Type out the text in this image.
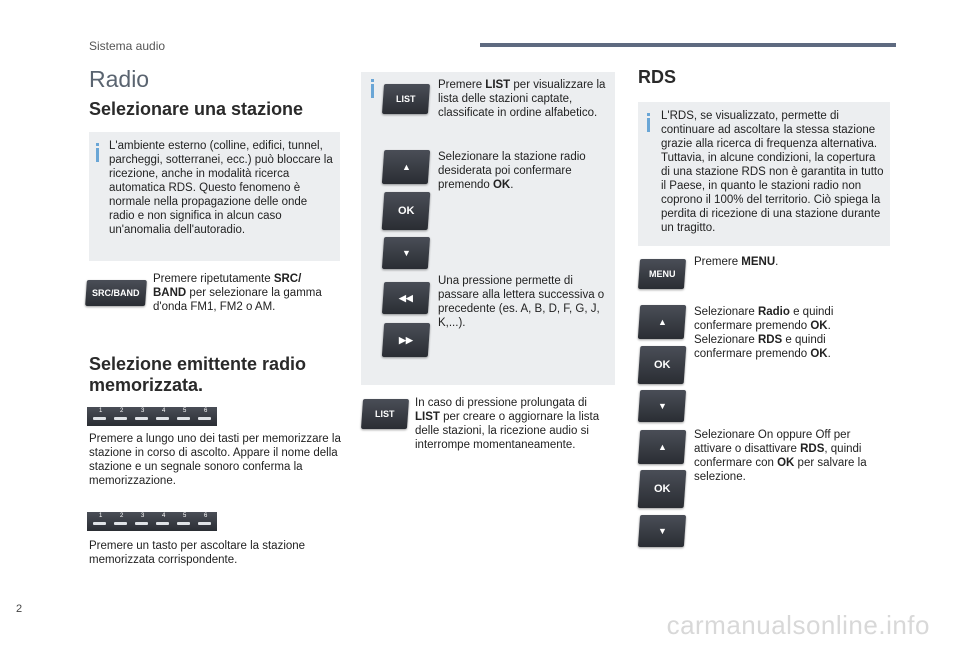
Sistema audio
Radio
Selezionare una stazione
L'ambiente esterno (colline, edifici, tunnel, parcheggi, sotterranei, ecc.) può bloccare la ricezione, anche in modalità ricerca automatica RDS. Questo fenomeno è normale nella propagazione delle onde radio e non significa in alcun caso un'anomalia dell'autoradio.
SRC/BAND
Premere ripetutamente SRC/
BAND per selezionare la gamma d'onda FM1, FM2 o AM.
Selezione emittente radio
memorizzata.
1	2	3	4	5	6
Premere a lungo uno dei tasti per memorizzare la stazione in corso di ascolto. Appare il nome della stazione e un segnale sonoro conferma la memorizzazione.
1	2	3	4	5	6
Premere un tasto per ascoltare la stazione memorizzata corrispondente.
LIST
Premere LIST per visualizzare la lista delle stazioni captate, classificate in ordine alfabetico.
▲
OK
▼
Selezionare la stazione radio desiderata poi confermare premendo OK.
◀◀
▶▶
Una pressione permette di passare alla lettera successiva o precedente (es. A, B, D, F, G, J, K,...).
LIST
In caso di pressione prolungata di LIST per creare o aggiornare la lista delle stazioni, la ricezione audio si interrompe momentaneamente.
RDS
L'RDS, se visualizzato, permette di continuare ad ascoltare la stessa stazione grazie alla ricerca di frequenza alternativa. Tuttavia, in alcune condizioni, la copertura di una stazione RDS non è garantita in tutto il Paese, in quanto le stazioni radio non coprono il 100% del territorio. Ciò spiega la perdita di ricezione di una stazione durante un tragitto.
MENU
Premere MENU.
▲
OK
▼
Selezionare Radio e quindi confermare premendo OK.
Selezionare RDS e quindi confermare premendo OK.
▲
OK
▼
Selezionare On oppure Off per attivare o disattivare RDS, quindi confermare con OK per salvare la selezione.
2
carmanualsonline.info
